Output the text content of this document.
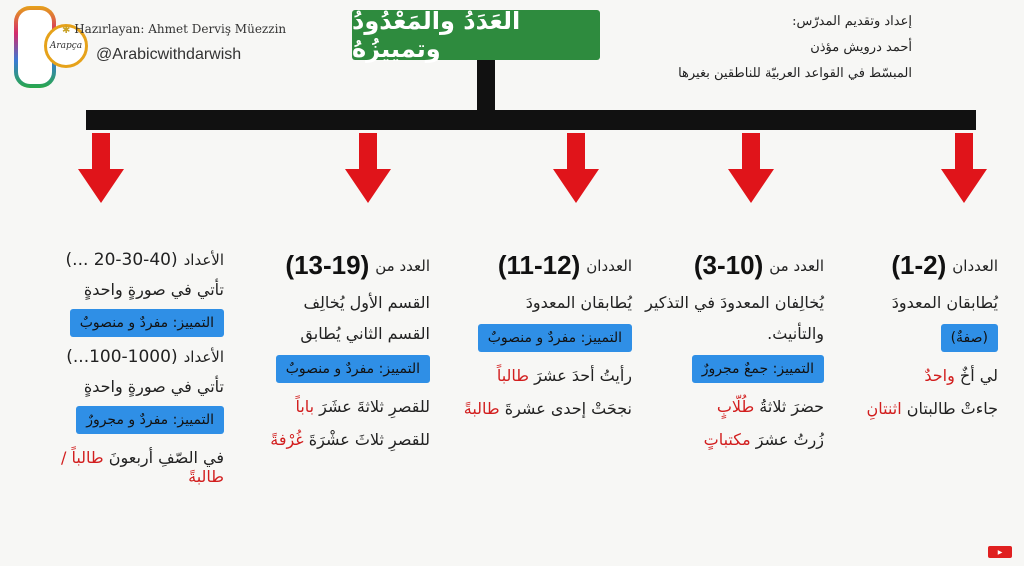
Arapça
✱ Hazırlayan: Ahmet Derviş Müezzin
@Arabicwithdarwish
العَدَدُ والمَعْدُودُ وتمييزُهُ
إعداد وتقديم المدرّس:
أحمد درويش مؤذن
المبسّط في القواعد العربيّة للناطقين بغيرها
العددان
(1-2)
يُطابقان المعدودَ
(صفةٌ)
لي أخٌ واحدٌ
جاءتْ طالبتان اثنتانِ
العدد من
(3-10)
يُخالِفان المعدودَ في التذكير
والتأنيث.
التمييز: جمعٌ مجرورٌ
حضرَ ثلاثةُ طُلّابٍ
زُرتُ عشرَ مكتباتٍ
العددان
(11-12)
يُطابقان المعدودَ
التمييز: مفردٌ و منصوبٌ
رأيتُ أحدَ عشرَ طالباً
نجحَتْ إحدى عشرةَ طالبةً
العدد من
(13-19)
القسم الأول يُخالِف
القسم الثاني يُطابق
التمييز: مفردٌ و منصوبٌ
للقصرِ ثلاثةَ عشَرَ باباً
للقصرِ ثلاثَ عشْرَةَ غُرْفةً
الأعداد
(20-30-40 ...)
تأتي في صورةٍ واحدةٍ
التمييز: مفردٌ و منصوبٌ
الأعداد
(100-1000...)
تأتي في صورةٍ واحدةٍ
التمييز: مفردٌ و مجرورٌ
في الصّفِ أربعونَ طالباً / طالبةً
▶
